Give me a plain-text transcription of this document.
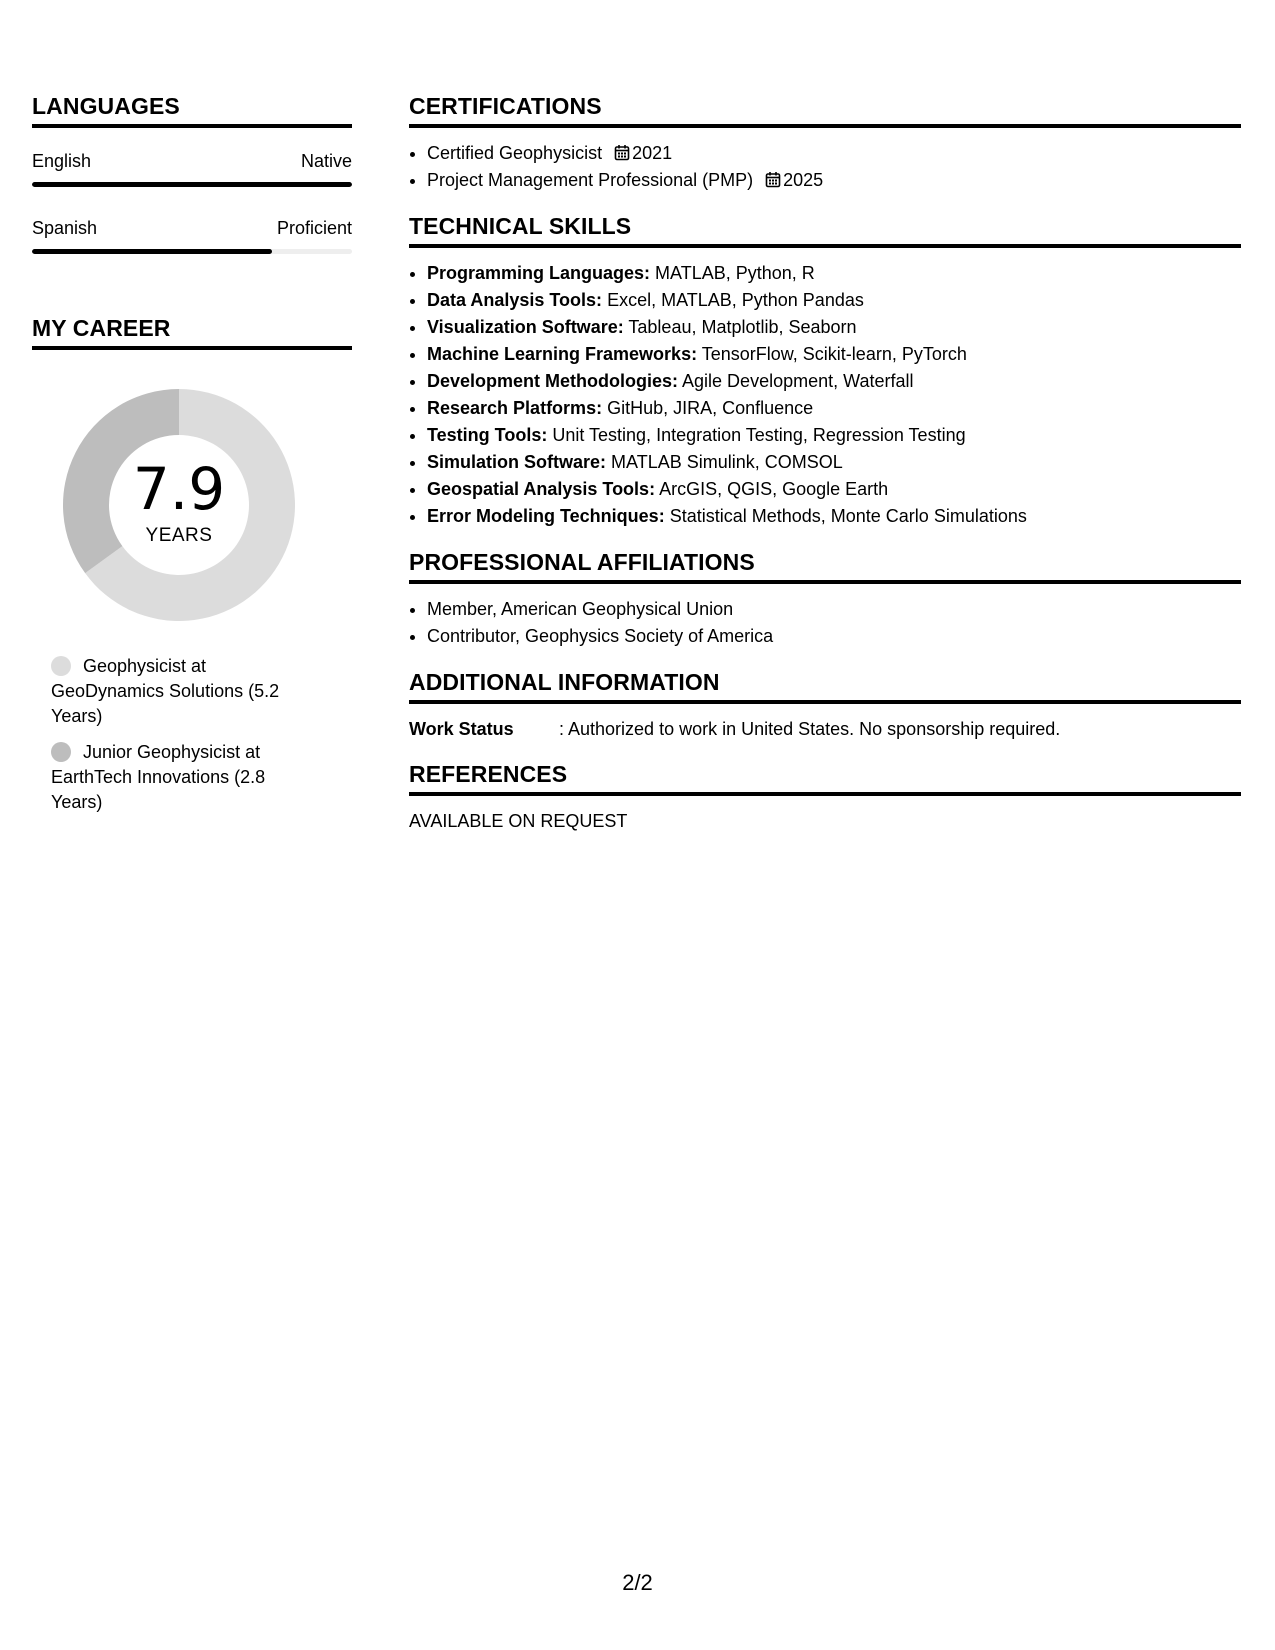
LANGUAGES
English	Native
Spanish	Proficient
MY CAREER
7.9
YEARS
Geophysicist at GeoDynamics Solutions (5.2 Years)
Junior Geophysicist at EarthTech Innovations (2.8 Years)
CERTIFICATIONS
• Certified Geophysicist 2021
• Project Management Professional (PMP) 2025
TECHNICAL SKILLS
• Programming Languages: MATLAB, Python, R
• Data Analysis Tools: Excel, MATLAB, Python Pandas
• Visualization Software: Tableau, Matplotlib, Seaborn
• Machine Learning Frameworks: TensorFlow, Scikit-learn, PyTorch
• Development Methodologies: Agile Development, Waterfall
• Research Platforms: GitHub, JIRA, Confluence
• Testing Tools: Unit Testing, Integration Testing, Regression Testing
• Simulation Software: MATLAB Simulink, COMSOL
• Geospatial Analysis Tools: ArcGIS, QGIS, Google Earth
• Error Modeling Techniques: Statistical Methods, Monte Carlo Simulations
PROFESSIONAL AFFILIATIONS
• Member, American Geophysical Union
• Contributor, Geophysics Society of America
ADDITIONAL INFORMATION
Work Status	: Authorized to work in United States. No sponsorship required.
REFERENCES
AVAILABLE ON REQUEST
2/2
